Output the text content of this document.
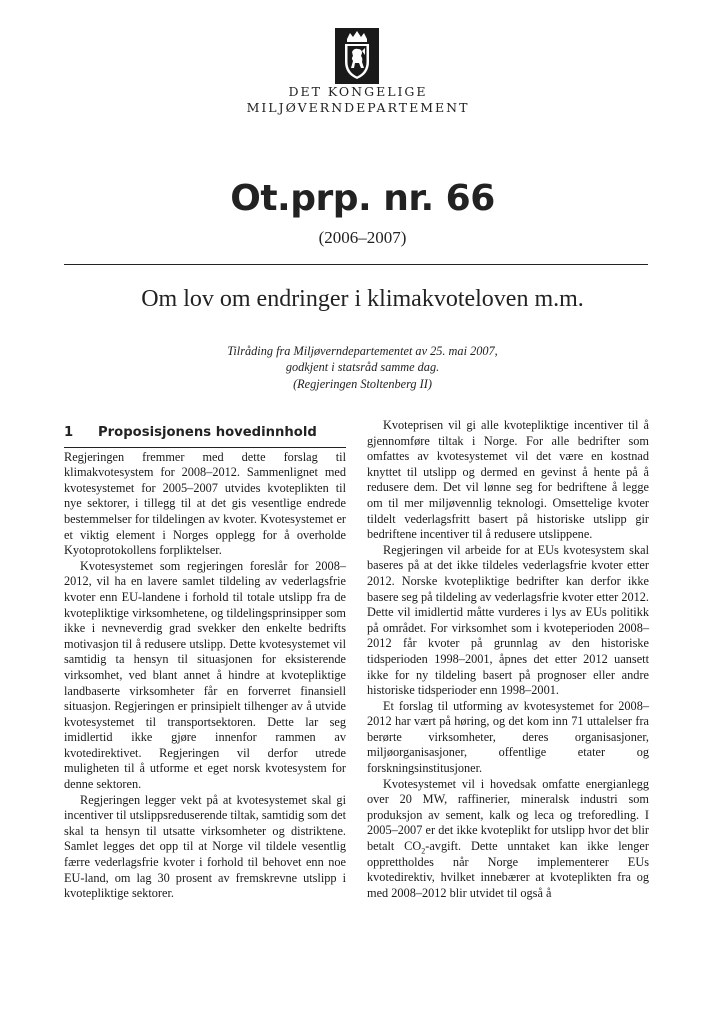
DET KONGELIGE
MILJØVERNDEPARTEMENT
Ot.prp. nr. 66
(2006–2007)
Om lov om endringer i klimakvoteloven m.m.
Tilråding fra Miljøverndepartementet av 25. mai 2007,
godkjent i statsråd samme dag.
(Regjeringen Stoltenberg II)
1	Proposisjonens hovedinnhold

Regjeringen fremmer med dette forslag til klimakvotesystem for 2008–2012. Sammenlignet med kvotesystemet for 2005–2007 utvides kvoteplikten til nye sektorer, i tillegg til at det gis vesentlige endrede bestemmelser for tildelingen av kvoter. Kvotesystemet er et viktig element i Norges opplegg for å overholde Kyotoprotokollens forpliktelser.

Kvotesystemet som regjeringen foreslår for 2008–2012, vil ha en lavere samlet tildeling av vederlagsfrie kvoter enn EU-landene i forhold til totale utslipp fra de kvotepliktige virksomhetene, og tildelingsprinsipper som ikke i nevneverdig grad svekker den enkelte bedrifts motivasjon til å redusere utslipp. Dette kvotesystemet vil samtidig ta hensyn til situasjonen for eksisterende virksomhet, ved blant annet å hindre at kvotepliktige landbaserte virksomheter får en forverret finansiell situasjon. Regjeringen er prinsipielt tilhenger av å utvide kvotesystemet til transportsektoren. Dette lar seg imidlertid ikke gjøre innenfor rammen av kvotedirektivet. Regjeringen vil derfor utrede muligheten til å utforme et eget norsk kvotesystem for denne sektoren.

Regjeringen legger vekt på at kvotesystemet skal gi incentiver til utslippsreduserende tiltak, samtidig som det skal ta hensyn til utsatte virksomheter og distriktene. Samlet legges det opp til at Norge vil tildele vesentlig færre vederlagsfrie kvoter i forhold til behovet enn noe EU-land, om lag 30 prosent av fremskrevne utslipp i kvotepliktige sektorer.

Kvoteprisen vil gi alle kvotepliktige incentiver til å gjennomføre tiltak i Norge. For alle bedrifter som omfattes av kvotesystemet vil det være en kostnad knyttet til utslipp og dermed en gevinst å hente på å redusere dem. Det vil lønne seg for bedriftene å legge om til mer miljøvennlig teknologi. Omsettelige kvoter tildelt vederlagsfritt basert på historiske utslipp gir bedriftene incentiver til å redusere utslippene.

Regjeringen vil arbeide for at EUs kvotesystem skal baseres på at det ikke tildeles vederlagsfrie kvoter etter 2012. Norske kvotepliktige bedrifter kan derfor ikke basere seg på tildeling av vederlagsfrie kvoter etter 2012. Dette vil imidlertid måtte vurderes i lys av EUs politikk på området. For virksomhet som i kvoteperioden 2008–2012 får kvoter på grunnlag av den historiske tidsperioden 1998–2001, åpnes det etter 2012 uansett ikke for ny tildeling basert på prognoser eller andre historiske tidsperioder enn 1998–2001.

Et forslag til utforming av kvotesystemet for 2008–2012 har vært på høring, og det kom inn 71 uttalelser fra berørte virksomheter, deres organisasjoner, miljøorganisasjoner, offentlige etater og forskningsinstitusjoner.

Kvotesystemet vil i hovedsak omfatte energianlegg over 20 MW, raffinerier, mineralsk industri som produksjon av sement, kalk og leca og treforedling. I 2005–2007 er det ikke kvoteplikt for utslipp hvor det blir betalt $CO_2$-avgift. Dette unntaket kan ikke lenger opprettholdes når Norge implementerer EUs kvotedirektiv, hvilket innebærer at kvoteplikten fra og med 2008–2012 blir utvidet til også å
